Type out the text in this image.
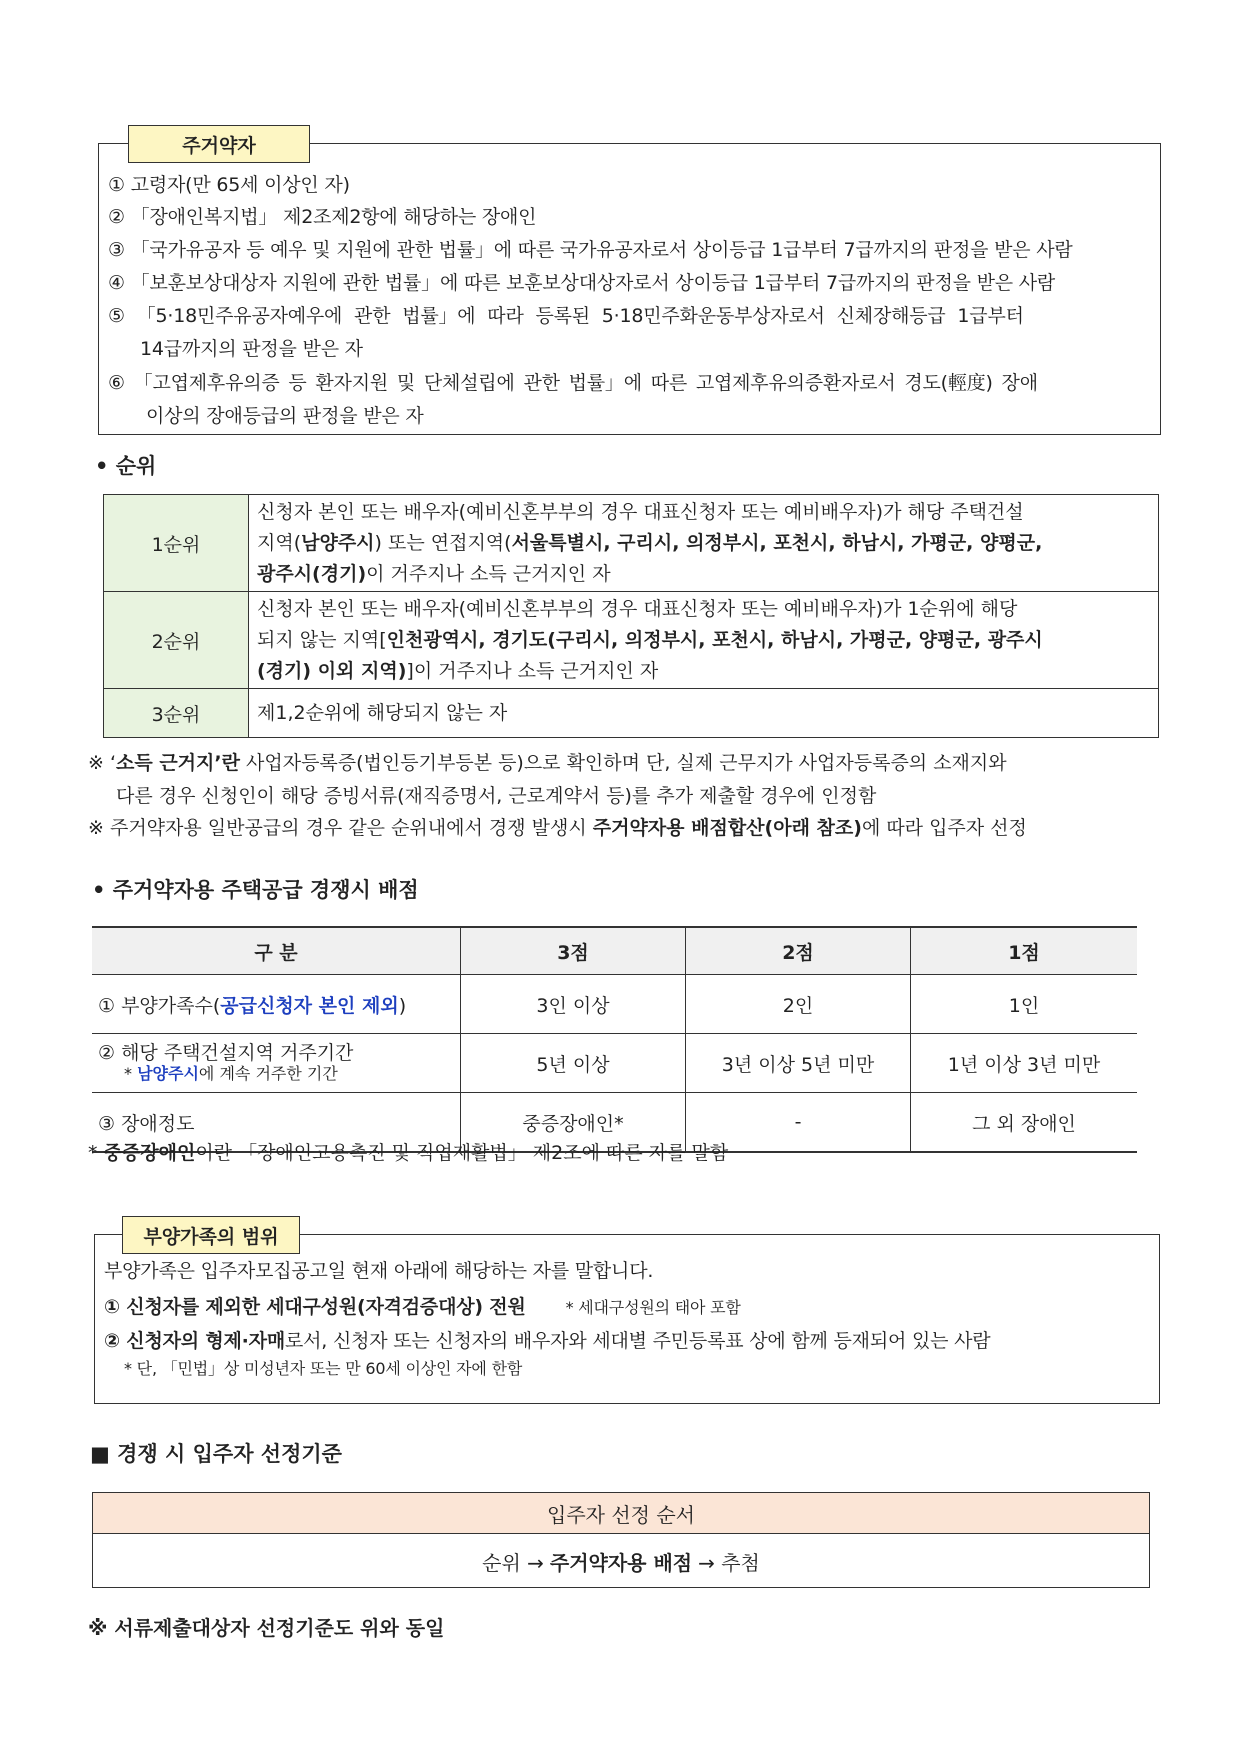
주거약자
① 고령자(만 65세 이상인 자)
② 「장애인복지법」 제2조제2항에 해당하는 장애인
③ 「국가유공자 등 예우 및 지원에 관한 법률」에 따른 국가유공자로서 상이등급 1급부터 7급까지의 판정을 받은 사람
④ 「보훈보상대상자 지원에 관한 법률」에 따른 보훈보상대상자로서 상이등급 1급부터 7급까지의 판정을 받은 사람
⑤ 「5·18민주유공자예우에 관한 법률」에 따라 등록된 5·18민주화운동부상자로서 신체장해등급 1급부터
14급까지의 판정을 받은 자
⑥ 「고엽제후유의증 등 환자지원 및 단체설립에 관한 법률」에 따른 고엽제후유의증환자로서 경도(輕度) 장애
이상의 장애등급의 판정을 받은 자
• 순위
1순위	신청자 본인 또는 배우자(예비신혼부부의 경우 대표신청자 또는 예비배우자)가 해당 주택건설
지역(남양주시) 또는 연접지역(서울특별시, 구리시, 의정부시, 포천시, 하남시, 가평군, 양평군,
광주시(경기)이 거주지나 소득 근거지인 자

2순위	신청자 본인 또는 배우자(예비신혼부부의 경우 대표신청자 또는 예비배우자)가 1순위에 해당
되지 않는 지역[인천광역시, 경기도(구리시, 의정부시, 포천시, 하남시, 가평군, 양평군, 광주시
(경기) 이외 지역)]이 거주지나 소득 근거지인 자

3순위	제1,2순위에 해당되지 않는 자
※ ‘소득 근거지’란 사업자등록증(법인등기부등본 등)으로 확인하며 단, 실제 근무지가 사업자등록증의 소재지와
다른 경우 신청인이 해당 증빙서류(재직증명서, 근로계약서 등)를 추가 제출할 경우에 인정함
※ 주거약자용 일반공급의 경우 같은 순위내에서 경쟁 발생시 주거약자용 배점합산(아래 참조)에 따라 입주자 선정
• 주거약자용 주택공급 경쟁시 배점
구 분	3점	2점	1점
① 부양가족수(공급신청자 본인 제외)	3인 이상	2인	1인

② 해당 주택건설지역 거주기간
* 남양주시에 계속 거주한 기간	5년 이상	3년 이상 5년 미만	1년 이상 3년 미만
③ 장애정도	중증장애인*	-	그 외 장애인
* 중증장애인이란 「장애인고용촉진 및 직업재활법」 제2조에 따른 자를 말함
부양가족의 범위
부양가족은 입주자모집공고일 현재 아래에 해당하는 자를 말합니다.
① 신청자를 제외한 세대구성원(자격검증대상) 전원	* 세대구성원의 태아 포함
② 신청자의 형제·자매로서, 신청자 또는 신청자의 배우자와 세대별 주민등록표 상에 함께 등재되어 있는 사람
* 단, 「민법」상 미성년자 또는 만 60세 이상인 자에 한함
■ 경쟁 시 입주자 선정기준
입주자 선정 순서
순위 → 주거약자용 배점 → 추첨
※ 서류제출대상자 선정기준도 위와 동일
